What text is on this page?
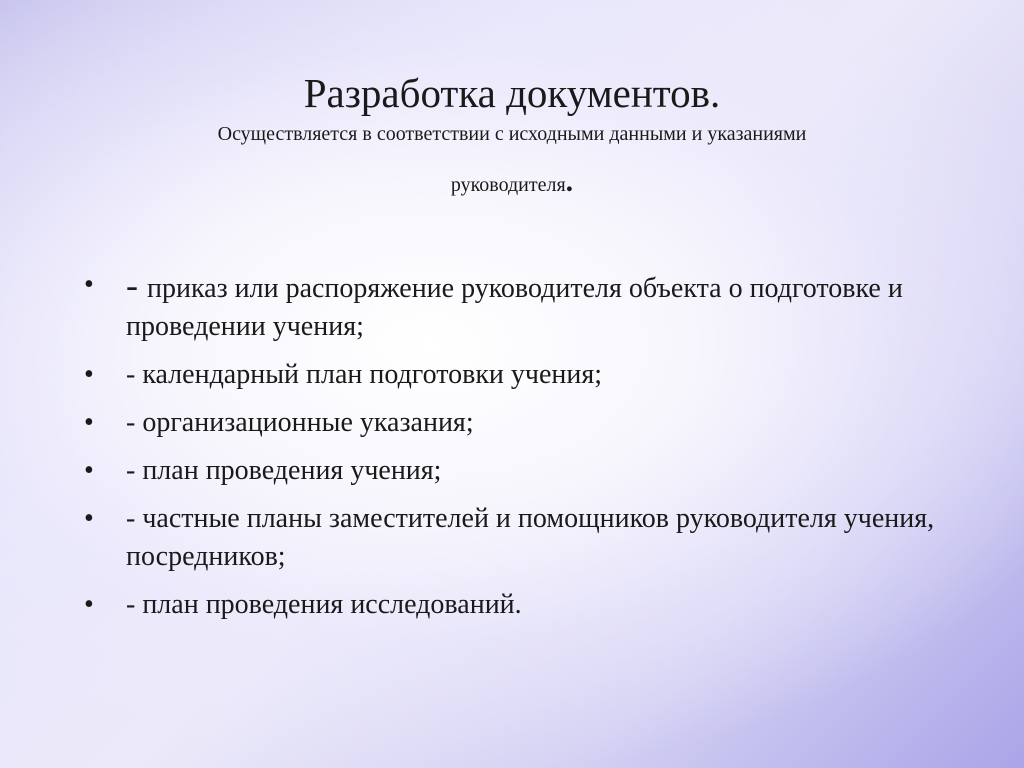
Разработка документов.

Осуществляется в соответствии с исходными данными и указаниями

руководителя.

• - приказ или распоряжение руководителя объекта о подготовке и проведении учения;
• - календарный план подготовки учения;
• - организационные указания;
• - план проведения учения;
• - частные планы заместителей и помощников руководителя учения, посредников;
• - план проведения исследований.
